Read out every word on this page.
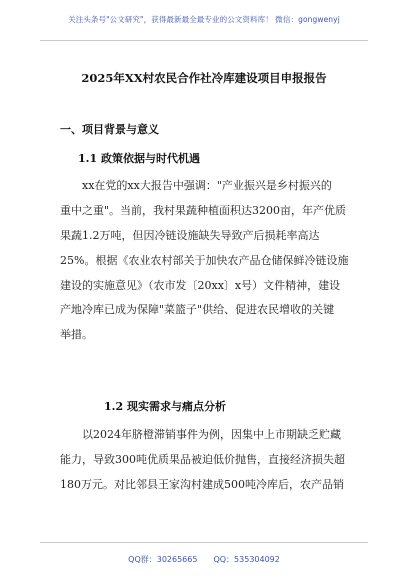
关注头条号"公文研究"，获得最新最全最专业的公文资料库！ 微信：gongwenyj
2025年XX村农民合作社冷库建设项目申报报告
一、项目背景与意义
1.1 政策依据与时代机遇
xx在党的xx大报告中强调："产业振兴是乡村振兴的
重中之重"。当前，我村果蔬种植面积达3200亩，年产优质
果蔬1.2万吨，但因冷链设施缺失导致产后损耗率高达
25%。根据《农业农村部关于加快农产品仓储保鲜冷链设施
建设的实施意见》（农市发〔20xx〕x号）文件精神，建设
产地冷库已成为保障"菜篮子"供给、促进农民增收的关键
举措。
1.2 现实需求与痛点分析
以2024年脐橙滞销事件为例，因集中上市期缺乏贮藏
能力，导致300吨优质果品被迫低价抛售，直接经济损失超
180万元。对比邻县王家沟村建成500吨冷库后，农产品销
QQ群：30265665　　QQ：535304092
